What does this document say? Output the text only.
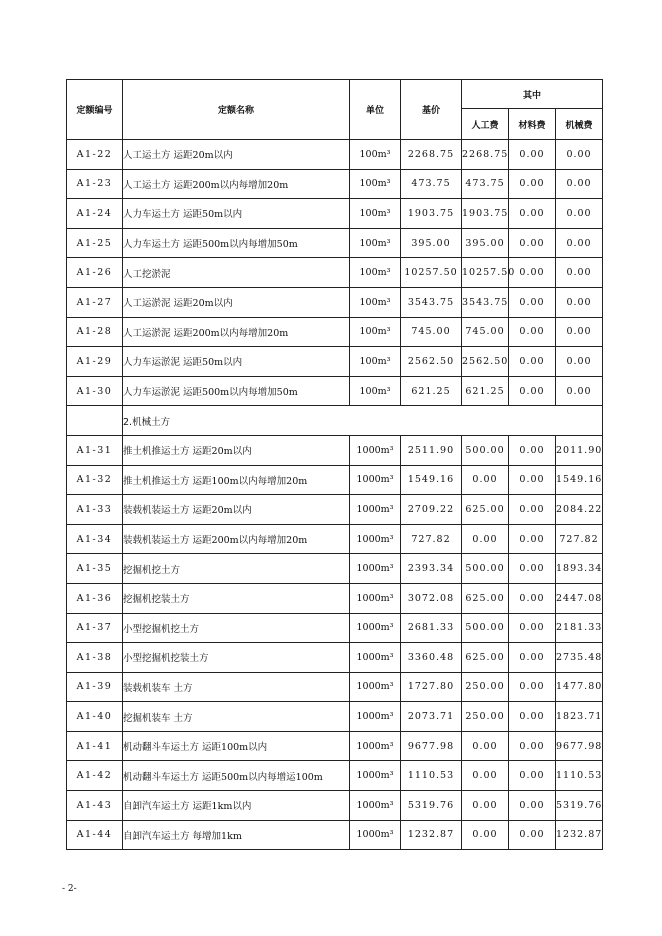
定额编号	定额名称	单位	基价	其中		
				人工费	材料费	机械费
A1-22	人工运土方 运距20m以内	100m³	2268.75	2268.75	0.00	0.00
A1-23	人工运土方 运距200m以内每增加20m	100m³	473.75	473.75	0.00	0.00
A1-24	人力车运土方 运距50m以内	100m³	1903.75	1903.75	0.00	0.00
A1-25	人力车运土方 运距500m以内每增加50m	100m³	395.00	395.00	0.00	0.00
A1-26	人工挖淤泥	100m³	10257.50	10257.50	0.00	0.00
A1-27	人工运淤泥 运距20m以内	100m³	3543.75	3543.75	0.00	0.00
A1-28	人工运淤泥 运距200m以内每增加20m	100m³	745.00	745.00	0.00	0.00
A1-29	人力车运淤泥 运距50m以内	100m³	2562.50	2562.50	0.00	0.00
A1-30	人力车运淤泥 运距500m以内每增加50m	100m³	621.25	621.25	0.00	0.00
	2.机械土方					
A1-31	推土机推运土方 运距20m以内	1000m³	2511.90	500.00	0.00	2011.90
A1-32	推土机推运土方 运距100m以内每增加20m	1000m³	1549.16	0.00	0.00	1549.16
A1-33	装载机装运土方 运距20m以内	1000m³	2709.22	625.00	0.00	2084.22
A1-34	装载机装运土方 运距200m以内每增加20m	1000m³	727.82	0.00	0.00	727.82
A1-35	挖掘机挖土方	1000m³	2393.34	500.00	0.00	1893.34
A1-36	挖掘机挖装土方	1000m³	3072.08	625.00	0.00	2447.08
A1-37	小型挖掘机挖土方	1000m³	2681.33	500.00	0.00	2181.33
A1-38	小型挖掘机挖装土方	1000m³	3360.48	625.00	0.00	2735.48
A1-39	装载机装车 土方	1000m³	1727.80	250.00	0.00	1477.80
A1-40	挖掘机装车 土方	1000m³	2073.71	250.00	0.00	1823.71
A1-41	机动翻斗车运土方 运距100m以内	1000m³	9677.98	0.00	0.00	9677.98
A1-42	机动翻斗车运土方 运距500m以内每增运100m	1000m³	1110.53	0.00	0.00	1110.53
A1-43	自卸汽车运土方 运距1km以内	1000m³	5319.76	0.00	0.00	5319.76
A1-44	自卸汽车运土方 每增加1km	1000m³	1232.87	0.00	0.00	1232.87
- 2-
